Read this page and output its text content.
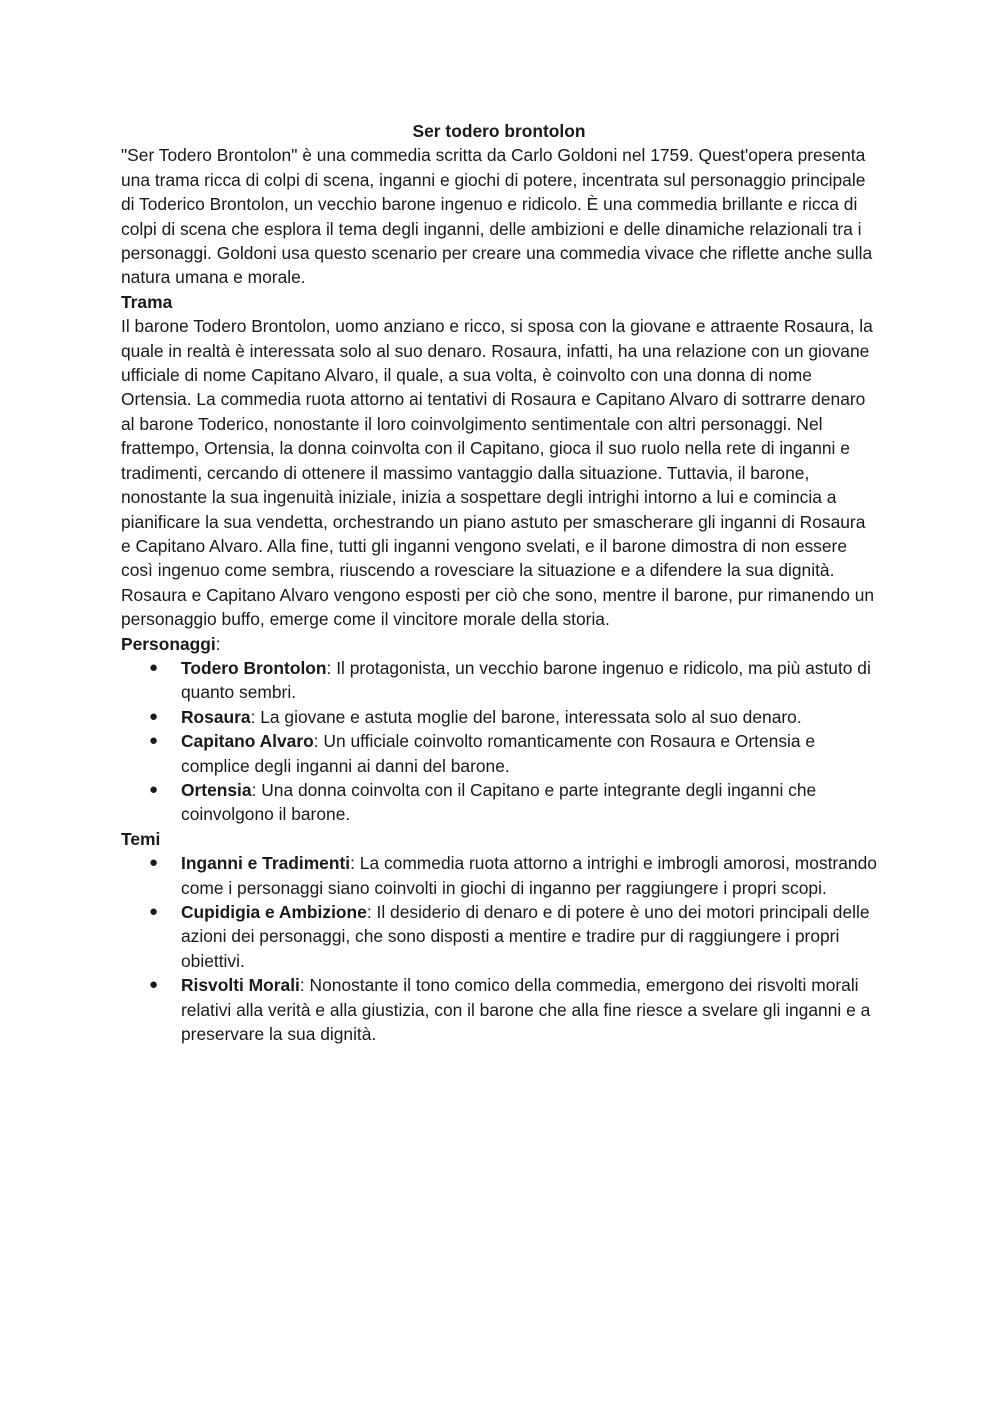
Ser todero brontolon

"Ser Todero Brontolon" è una commedia scritta da Carlo Goldoni nel 1759. Quest'opera presenta una trama ricca di colpi di scena, inganni e giochi di potere, incentrata sul personaggio principale di Toderico Brontolon, un vecchio barone ingenuo e ridicolo. È una commedia brillante e ricca di colpi di scena che esplora il tema degli inganni, delle ambizioni e delle dinamiche relazionali tra i personaggi. Goldoni usa questo scenario per creare una commedia vivace che riflette anche sulla natura umana e morale.

Trama

Il barone Todero Brontolon, uomo anziano e ricco, si sposa con la giovane e attraente Rosaura, la quale in realtà è interessata solo al suo denaro. Rosaura, infatti, ha una relazione con un giovane ufficiale di nome Capitano Alvaro, il quale, a sua volta, è coinvolto con una donna di nome Ortensia. La commedia ruota attorno ai tentativi di Rosaura e Capitano Alvaro di sottrarre denaro al barone Toderico, nonostante il loro coinvolgimento sentimentale con altri personaggi. Nel frattempo, Ortensia, la donna coinvolta con il Capitano, gioca il suo ruolo nella rete di inganni e tradimenti, cercando di ottenere il massimo vantaggio dalla situazione. Tuttavia, il barone, nonostante la sua ingenuità iniziale, inizia a sospettare degli intrighi intorno a lui e comincia a pianificare la sua vendetta, orchestrando un piano astuto per smascherare gli inganni di Rosaura e Capitano Alvaro. Alla fine, tutti gli inganni vengono svelati, e il barone dimostra di non essere così ingenuo come sembra, riuscendo a rovesciare la situazione e a difendere la sua dignità. Rosaura e Capitano Alvaro vengono esposti per ciò che sono, mentre il barone, pur rimanendo un personaggio buffo, emerge come il vincitore morale della storia.

Personaggi:

● Todero Brontolon: Il protagonista, un vecchio barone ingenuo e ridicolo, ma più astuto di quanto sembri.
● Rosaura: La giovane e astuta moglie del barone, interessata solo al suo denaro.
● Capitano Alvaro: Un ufficiale coinvolto romanticamente con Rosaura e Ortensia e complice degli inganni ai danni del barone.
● Ortensia: Una donna coinvolta con il Capitano e parte integrante degli inganni che coinvolgono il barone.

Temi

● Inganni e Tradimenti: La commedia ruota attorno a intrighi e imbrogli amorosi, mostrando come i personaggi siano coinvolti in giochi di inganno per raggiungere i propri scopi.
● Cupidigia e Ambizione: Il desiderio di denaro e di potere è uno dei motori principali delle azioni dei personaggi, che sono disposti a mentire e tradire pur di raggiungere i propri obiettivi.
● Risvolti Morali: Nonostante il tono comico della commedia, emergono dei risvolti morali relativi alla verità e alla giustizia, con il barone che alla fine riesce a svelare gli inganni e a preservare la sua dignità.
